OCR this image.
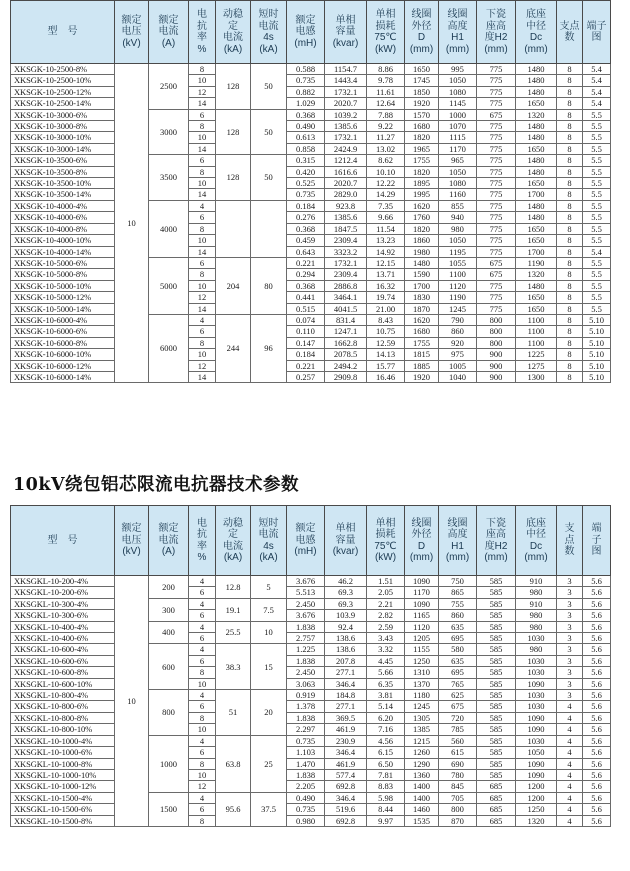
型　号	额定
电压
(kV)	额定
电流
(A)	电
抗
率
%	动稳
定
电流
(kA)	短时
电流
4s
(kA)	额定
电感
(mH)	单相
容量
(kvar)	单相
损耗
75℃
(kW)	线圈
外径
D
(mm)	线圈
高度
H1
(mm)	下瓷
座高
度H2
(mm)	底座
中径
Dc
(mm)	支点
数	端子
图
XKSGK-10-2500-8%	10	2500	8	128	50	0.588	1154.7	8.86	1650	995	775	1480	8	5.4
XKSGK-10-2500-10%			10			0.735	1443.4	9.78	1745	1050	775	1480	8	5.4
XKSGK-10-2500-12%			12			0.882	1732.1	11.61	1850	1080	775	1480	8	5.4
XKSGK-10-2500-14%			14			1.029	2020.7	12.64	1920	1145	775	1650	8	5.4
XKSGK-10-3000-6%		3000	6	128	50	0.368	1039.2	7.88	1570	1000	675	1320	8	5.5
XKSGK-10-3000-8%			8			0.490	1385.6	9.22	1680	1070	775	1480	8	5.5
XKSGK-10-3000-10%			10			0.613	1732.1	11.27	1820	1115	775	1480	8	5.5
XKSGK-10-3000-14%			14			0.858	2424.9	13.02	1965	1170	775	1650	8	5.5
XKSGK-10-3500-6%		3500	6	128	50	0.315	1212.4	8.62	1755	965	775	1480	8	5.5
XKSGK-10-3500-8%			8			0.420	1616.6	10.10	1820	1050	775	1480	8	5.5
XKSGK-10-3500-10%			10			0.525	2020.7	12.22	1895	1080	775	1650	8	5.5
XKSGK-10-3500-14%			14			0.735	2829.0	14.29	1995	1160	775	1700	8	5.5
XKSGK-10-4000-4%		4000	4			0.184	923.8	7.35	1620	855	775	1480	8	5.5
XKSGK-10-4000-6%			6			0.276	1385.6	9.66	1760	940	775	1480	8	5.5
XKSGK-10-4000-8%			8			0.368	1847.5	11.54	1820	980	775	1650	8	5.5
XKSGK-10-4000-10%			10			0.459	2309.4	13.23	1860	1050	775	1650	8	5.5
XKSGK-10-4000-14%			14			0.643	3323.2	14.92	1980	1195	775	1700	8	5.4
XKSGK-10-5000-6%		5000	6	204	80	0.221	1732.1	12.15	1480	1055	675	1190	8	5.5
XKSGK-10-5000-8%			8			0.294	2309.4	13.71	1590	1100	675	1320	8	5.5
XKSGK-10-5000-10%			10			0.368	2886.8	16.32	1700	1120	775	1480	8	5.5
XKSGK-10-5000-12%			12			0.441	3464.1	19.74	1830	1190	775	1650	8	5.5
XKSGK-10-5000-14%			14			0.515	4041.5	21.00	1870	1245	775	1650	8	5.5
XKSGK-10-6000-4%		6000	4	244	96	0.074	831.4	8.43	1620	790	800	1100	8	5.10
XKSGK-10-6000-6%			6			0.110	1247.1	10.75	1680	860	800	1100	8	5.10
XKSGK-10-6000-8%			8			0.147	1662.8	12.59	1755	920	800	1100	8	5.10
XKSGK-10-6000-10%			10			0.184	2078.5	14.13	1815	975	900	1225	8	5.10
XKSGK-10-6000-12%			12			0.221	2494.2	15.77	1885	1005	900	1275	8	5.10
XKSGK-10-6000-14%			14			0.257	2909.8	16.46	1920	1040	900	1300	8	5.10
10kV绕包铝芯限流电抗器技术参数
型　号	额定
电压
(kV)	额定
电流
(A)	电
抗
率
%	动稳
定
电流
(kA)	短时
电流
4s
(kA)	额定
电感
(mH)	单相
容量
(kvar)	单相
损耗
75℃
(kW)	线圈
外径
D
(mm)	线圈
高度
H1
(mm)	下瓷
座高
度H2
(mm)	底座
中径
Dc
(mm)	支
点
数	端
子
图
XKSGKL-10-200-4%	10	200	4	12.8	5	3.676	46.2	1.51	1090	750	585	910	3	5.6
XKSGKL-10-200-6%			6			5.513	69.3	2.05	1170	865	585	980	3	5.6
XKSGKL-10-300-4%		300	4	19.1	7.5	2.450	69.3	2.21	1090	755	585	910	3	5.6
XKSGKL-10-300-6%			6			3.676	103.9	2.82	1165	860	585	980	3	5.6
XKSGKL-10-400-4%		400	4	25.5	10	1.838	92.4	2.59	1120	635	585	980	3	5.6
XKSGKL-10-400-6%			6			2.757	138.6	3.43	1205	695	585	1030	3	5.6
XKSGKL-10-600-4%		600	4	38.3	15	1.225	138.6	3.32	1155	580	585	980	3	5.6
XKSGKL-10-600-6%			6			1.838	207.8	4.45	1250	635	585	1030	3	5.6
XKSGKL-10-600-8%			8			2.450	277.1	5.66	1310	695	585	1030	3	5.6
XKSGKL-10-600-10%			10			3.063	346.4	6.35	1370	765	585	1090	3	5.6
XKSGKL-10-800-4%		800	4	51	20	0.919	184.8	3.81	1180	625	585	1030	3	5.6
XKSGKL-10-800-6%			6			1.378	277.1	5.14	1245	675	585	1030	4	5.6
XKSGKL-10-800-8%			8			1.838	369.5	6.20	1305	720	585	1090	4	5.6
XKSGKL-10-800-10%			10			2.297	461.9	7.16	1385	785	585	1090	4	5.6
XKSGKL-10-1000-4%		1000	4	63.8	25	0.735	230.9	4.56	1215	560	585	1030	4	5.6
XKSGKL-10-1000-6%			6			1.103	346.4	6.15	1260	615	585	1050	4	5.6
XKSGKL-10-1000-8%			8			1.470	461.9	6.50	1290	690	585	1090	4	5.6
XKSGKL-10-1000-10%			10			1.838	577.4	7.81	1360	780	585	1090	4	5.6
XKSGKL-10-1000-12%			12			2.205	692.8	8.83	1400	845	685	1200	4	5.6
XKSGKL-10-1500-4%		1500	4	95.6	37.5	0.490	346.4	5.98	1400	705	685	1200	4	5.6
XKSGKL-10-1500-6%			6			0.735	519.6	8.44	1460	800	685	1250	4	5.6
XKSGKL-10-1500-8%			8			0.980	692.8	9.97	1535	870	685	1320	4	5.6
